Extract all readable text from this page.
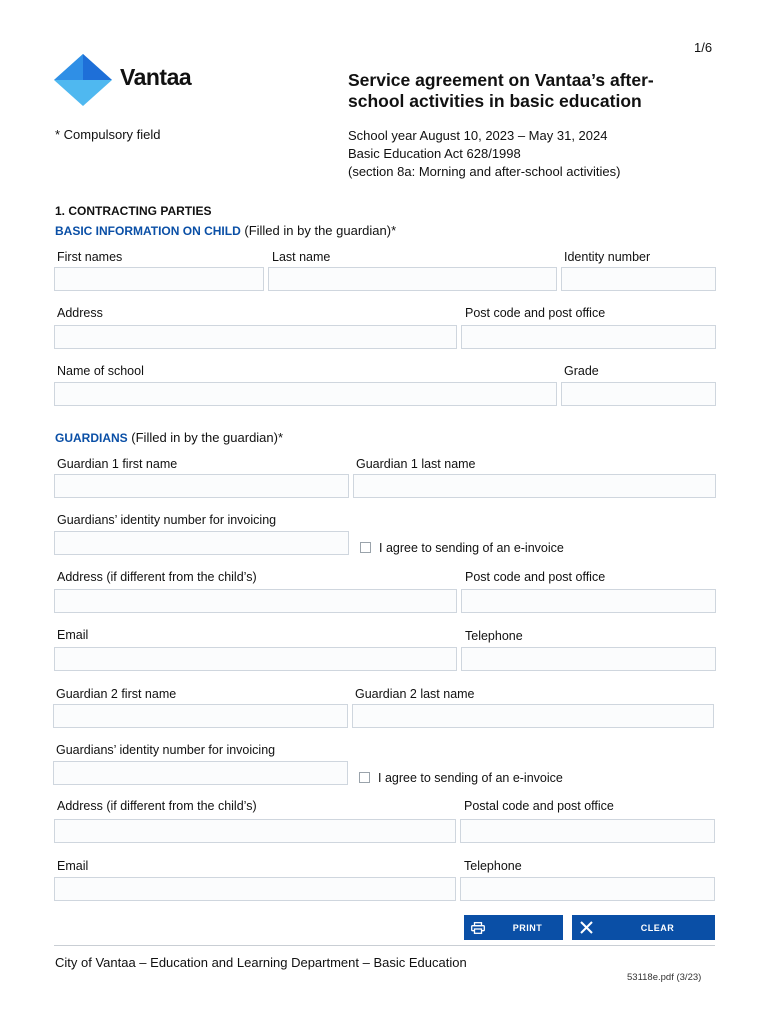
1/6
Vantaa	Service agreement on Vantaa’s after-
school activities in basic education
* Compulsory field	School year August 10, 2023 – May 31, 2024
Basic Education Act 628/1998
(section 8a: Morning and after-school activities)
1. CONTRACTING PARTIES
BASIC INFORMATION ON CHILD (Filled in by the guardian)*
First names	Last name	Identity number
Address	Post code and post office
Name of school	Grade
GUARDIANS (Filled in by the guardian)*
Guardian 1 first name	Guardian 1 last name
Guardians’ identity number for invoicing
I agree to sending of an e-invoice
Address (if different from the child’s)	Post code and post office
Email	Telephone
Guardian 2 first name	Guardian 2 last name
Guardians’ identity number for invoicing
I agree to sending of an e-invoice
Address (if different from the child’s)	Postal code and post office
Email	Telephone
PRINT	CLEAR
City of Vantaa – Education and Learning Department – Basic Education
53118e.pdf (3/23)
